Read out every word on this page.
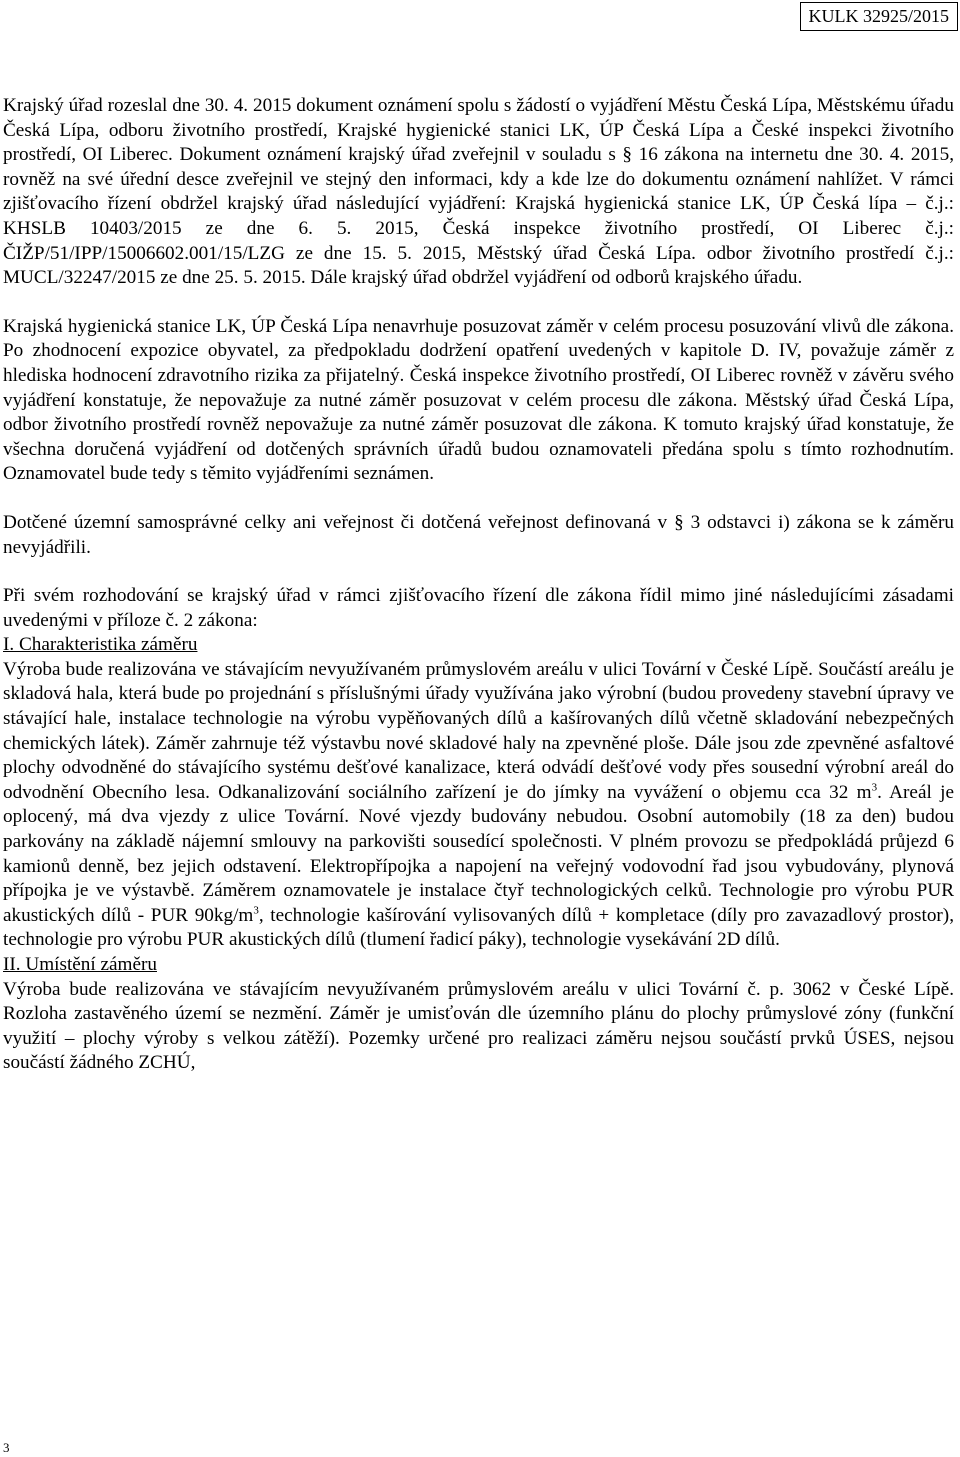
KULK 32925/2015

Krajský úřad rozeslal dne 30. 4. 2015 dokument oznámení spolu s žádostí o vyjádření Městu Česká Lípa, Městskému úřadu Česká Lípa, odboru životního prostředí, Krajské hygienické stanici LK, ÚP Česká Lípa a České inspekci životního prostředí, OI Liberec. Dokument oznámení krajský úřad zveřejnil v souladu s § 16 zákona na internetu dne 30. 4. 2015, rovněž na své úřední desce zveřejnil ve stejný den informaci, kdy a kde lze do dokumentu oznámení nahlížet. V rámci zjišťovacího řízení obdržel krajský úřad následující vyjádření: Krajská hygienická stanice LK, ÚP Česká lípa – č.j.: KHSLB 10403/2015 ze dne 6. 5. 2015, Česká inspekce životního prostředí, OI Liberec č.j.: ČIŽP/51/IPP/15006602.001/15/LZG ze dne 15. 5. 2015, Městský úřad Česká Lípa. odbor životního prostředí č.j.: MUCL/32247/2015 ze dne 25. 5. 2015. Dále krajský úřad obdržel vyjádření od odborů krajského úřadu.

Krajská hygienická stanice LK, ÚP Česká Lípa nenavrhuje posuzovat záměr v celém procesu posuzování vlivů dle zákona. Po zhodnocení expozice obyvatel, za předpokladu dodržení opatření uvedených v kapitole D. IV, považuje záměr z hlediska hodnocení zdravotního rizika za přijatelný. Česká inspekce životního prostředí, OI Liberec rovněž v závěru svého vyjádření konstatuje, že nepovažuje za nutné záměr posuzovat v celém procesu dle zákona. Městský úřad Česká Lípa, odbor životního prostředí rovněž nepovažuje za nutné záměr posuzovat dle zákona. K tomuto krajský úřad konstatuje, že všechna doručená vyjádření od dotčených správních úřadů budou oznamovateli předána spolu s tímto rozhodnutím. Oznamovatel bude tedy s těmito vyjádřeními seznámen.

Dotčené územní samosprávné celky ani veřejnost či dotčená veřejnost definovaná v § 3 odstavci i) zákona se k záměru nevyjádřili.

Při svém rozhodování se krajský úřad v rámci zjišťovacího řízení dle zákona řídil mimo jiné následujícími zásadami uvedenými v příloze č. 2 zákona:

I. Charakteristika záměru

Výroba bude realizována ve stávajícím nevyužívaném průmyslovém areálu v ulici Tovární v České Lípě. Součástí areálu je skladová hala, která bude po projednání s příslušnými úřady využívána jako výrobní (budou provedeny stavební úpravy ve stávající hale, instalace technologie na výrobu vypěňovaných dílů a kašírovaných dílů včetně skladování nebezpečných chemických látek). Záměr zahrnuje též výstavbu nové skladové haly na zpevněné ploše. Dále jsou zde zpevněné asfaltové plochy odvodněné do stávajícího systému dešťové kanalizace, která odvádí dešťové vody přes sousední výrobní areál do odvodnění Obecního lesa. Odkanalizování sociálního zařízení je do jímky na vyvážení o objemu cca 32 $m^3$. Areál je oplocený, má dva vjezdy z ulice Tovární. Nové vjezdy budovány nebudou. Osobní automobily (18 za den) budou parkovány na základě nájemní smlouvy na parkovišti sousedící společnosti. V plném provozu se předpokládá průjezd 6 kamionů denně, bez jejich odstavení. Elektropřípojka a napojení na veřejný vodovodní řad jsou vybudovány, plynová přípojka je ve výstavbě. Záměrem oznamovatele je instalace čtyř technologických celků. Technologie pro výrobu PUR akustických dílů - PUR $90kg/m^3$, technologie kašírování vylisovaných dílů + kompletace (díly pro zavazadlový prostor), technologie pro výrobu PUR akustických dílů (tlumení řadicí páky), technologie vysekávání 2D dílů.

II. Umístění záměru

Výroba bude realizována ve stávajícím nevyužívaném průmyslovém areálu v ulici Tovární č. p. 3062 v České Lípě. Rozloha zastavěného území se nezmění. Záměr je umisťován dle územního plánu do plochy průmyslové zóny (funkční využití – plochy výroby s velkou zátěží). Pozemky určené pro realizaci záměru nejsou součástí prvků ÚSES, nejsou součástí žádného ZCHÚ,

3
